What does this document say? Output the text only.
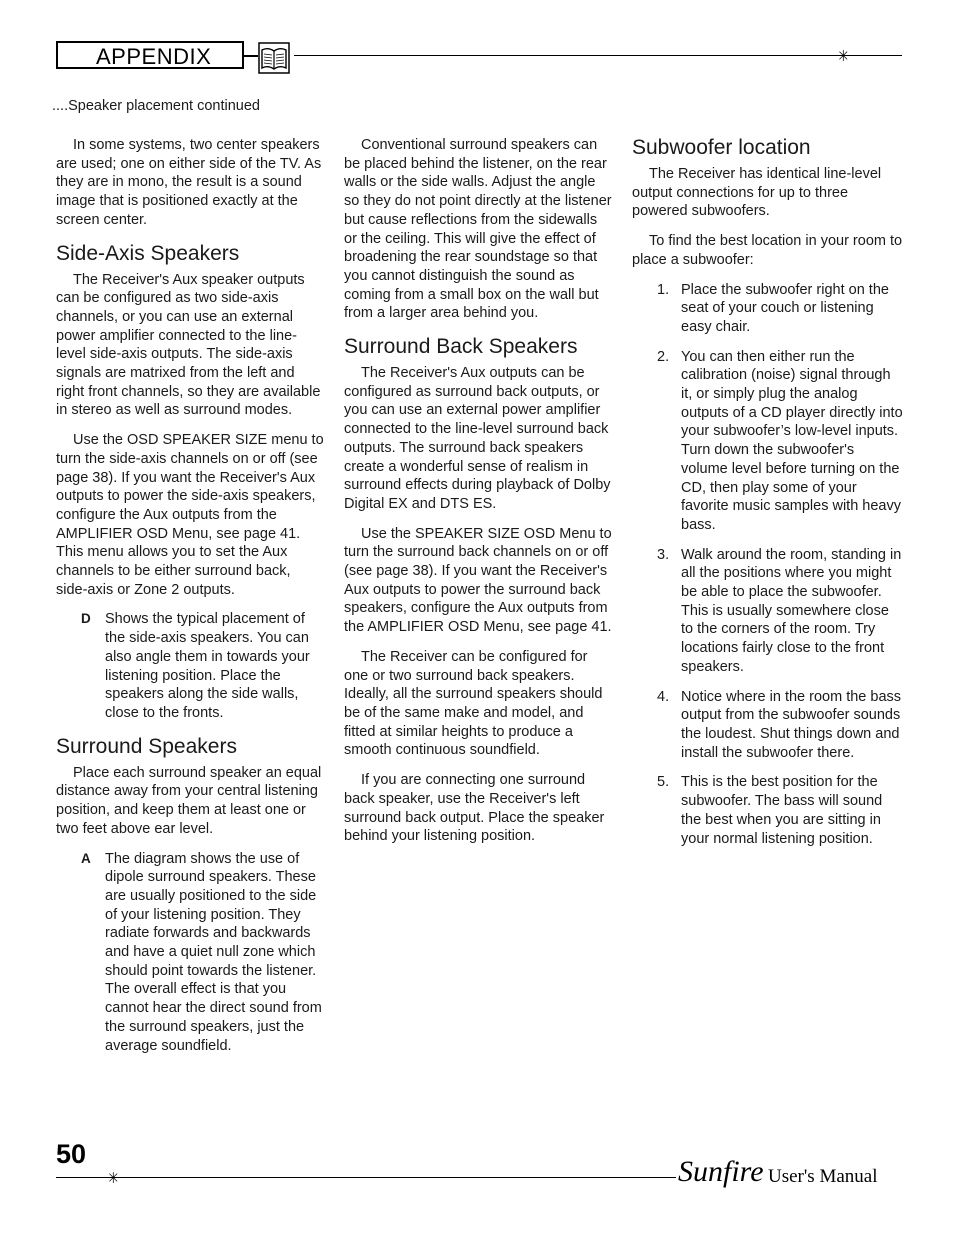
APPENDIX	✳
....Speaker placement continued

In some systems, two center speakers are used; one on either side of the TV. As they are in mono, the result is a sound image that is positioned exactly at the screen center.

Side-Axis Speakers

The Receiver's Aux speaker outputs can be configured as two side-axis channels, or you can use an external power amplifier connected to the line-level side-axis outputs. The side-axis signals are matrixed from the left and right front channels, so they are available in stereo as well as surround modes.

Use the OSD SPEAKER SIZE menu to turn the side-axis channels on or off (see page 38). If you want the Receiver's Aux outputs to power the side-axis speakers, configure the Aux outputs from the AMPLIFIER OSD Menu, see page 41. This menu allows you to set the Aux channels to be either surround back, side-axis or Zone 2 outputs.

D Shows the typical placement of the side-axis speakers. You can also angle them in towards your listening position. Place the speakers along the side walls, close to the fronts.
Surround Speakers

Place each surround speaker an equal distance away from your central listening position, and keep them at least one or two feet above ear level.

A The diagram shows the use of dipole surround speakers. These are usually positioned to the side of your listening position. They radiate forwards and backwards and have a quiet null zone which should point towards the listener. The overall effect is that you cannot hear the direct sound from the surround speakers, just the average soundfield.

Conventional surround speakers can be placed behind the listener, on the rear walls or the side walls. Adjust the angle so they do not point directly at the listener but cause reflections from the sidewalls or the ceiling. This will give the effect of broadening the rear soundstage so that you cannot distinguish the sound as coming from a small box on the wall but from a larger area behind you.

Surround Back Speakers

The Receiver's Aux outputs can be configured as surround back outputs, or you can use an external power amplifier connected to the line-level surround back outputs. The surround back speakers create a wonderful sense of realism in surround effects during playback of Dolby Digital EX and DTS ES.

Use the SPEAKER SIZE OSD Menu to turn the surround back channels on or off (see page 38). If you want the Receiver's Aux outputs to power the surround back speakers, configure the Aux outputs from the AMPLIFIER OSD Menu, see page 41.

The Receiver can be configured for one or two surround back speakers. Ideally, all the surround speakers should be of the same make and model, and fitted at similar heights to produce a smooth continuous soundfield.

If you are connecting one surround back speaker, use the Receiver's left surround back output. Place the speaker behind your listening position.

Subwoofer location

The Receiver has identical line-level output connections for up to three powered subwoofers.

To find the best location in your room to place a subwoofer:

1. Place the subwoofer right on the seat of your couch or listening easy chair.
2. You can then either run the calibration (noise) signal through it, or simply plug the analog outputs of a CD player directly into your subwoofer’s low-level inputs. Turn down the subwoofer's volume level before turning on the CD, then play some of your favorite music samples with heavy bass.
3. Walk around the room, standing in all the positions where you might be able to place the subwoofer. This is usually somewhere close to the corners of the room. Try locations fairly close to the front speakers.
4. Notice where in the room the bass output from the subwoofer sounds the loudest. Shut things down and install the subwoofer there.
5. This is the best position for the subwoofer. The bass will sound the best when you are sitting in your normal listening position.
50
✳	Sunfire User's Manual
